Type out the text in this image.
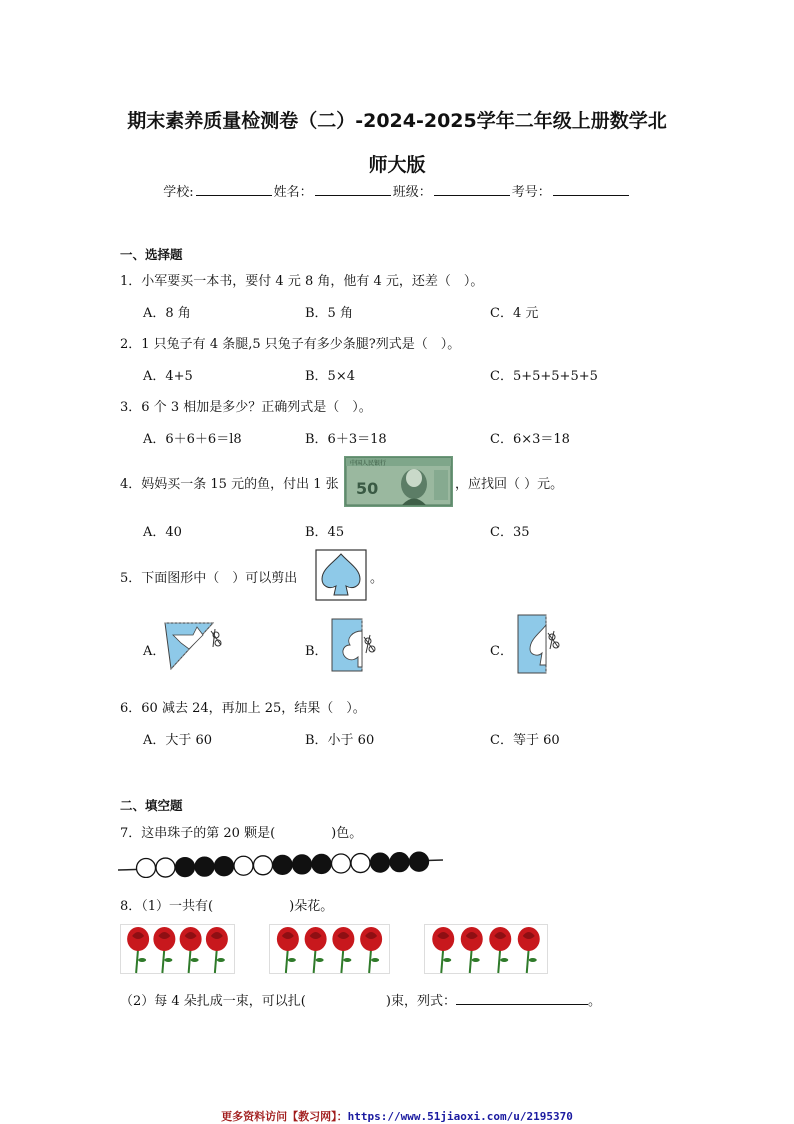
期末素养质量检测卷（二）-2024-2025学年二年级上册数学北
师大版
学校:	姓名：	班级：	考号：
一、选择题
1．小军要买一本书，要付 4 元 8 角，他有 4 元，还差（　）。
A．8 角	B．5 角	C．4 元
2．1 只兔子有 4 条腿,5 只兔子有多少条腿?列式是（　）。
A．4+5	B．5×4	C．5+5+5+5+5
3．6 个 3 相加是多少？正确列式是（　）。
A．6＋6＋6＝l8	B．6＋3＝18	C．6×3＝18
4．妈妈买一条 15 元的鱼，付出 1 张
中国人民银行
50	，应找回（ ）元。
A．40	B．45	C．35
5．下面图形中（　）可以剪出	。
A．	B．	C．
6．60 减去 24，再加上 25，结果（　）。
A．大于 60	B．小于 60	C．等于 60
二、填空题
7．这串珠子的第 20 颗是(	)色。
8．（1）一共有(	)朵花。
（2）每 4 朵扎成一束，可以扎(	)束，列式：	。
更多资料访问【教习网】：https://www.51jiaoxi.com/u/2195370
